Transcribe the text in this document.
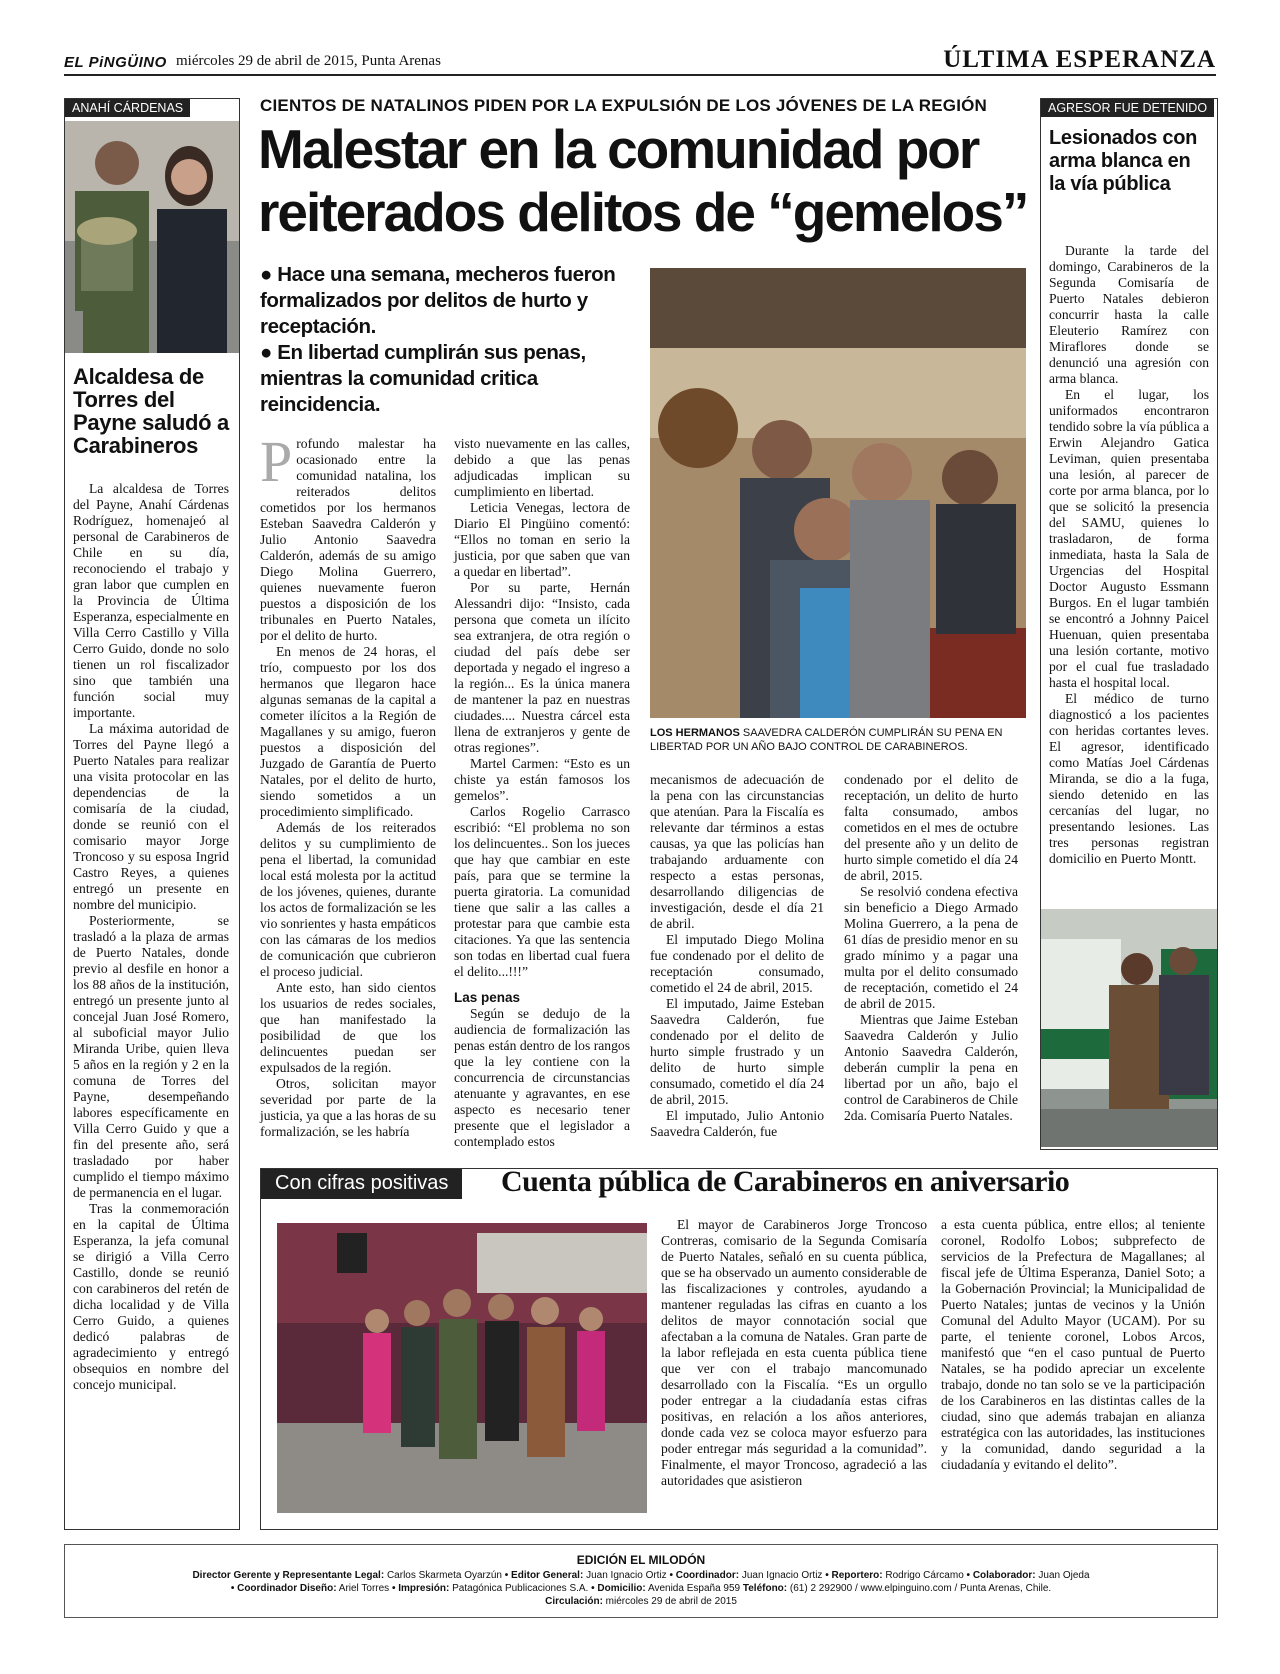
EL PiNGÜINO miércoles 29 de abril de 2015, Punta Arenas	ÚLTIMA ESPERANZA
ANAHÍ CÁRDENAS
Alcaldesa de Torres del Payne saludó a Carabineros

La alcaldesa de Torres del Payne, Anahí Cárdenas Rodríguez, homenajeó al personal de Carabineros de Chile en su día, reconociendo el trabajo y gran labor que cumplen en la Provincia de Última Esperanza, especialmente en Villa Cerro Castillo y Villa Cerro Guido, donde no solo tienen un rol fiscalizador sino que también una función social muy importante.

La máxima autoridad de Torres del Payne llegó a Puerto Natales para realizar una visita protocolar en las dependencias de la comisaría de la ciudad, donde se reunió con el comisario mayor Jorge Troncoso y su esposa Ingrid Castro Reyes, a quienes entregó un presente en nombre del municipio.

Posteriormente, se trasladó a la plaza de armas de Puerto Natales, donde previo al desfile en honor a los 88 años de la institución, entregó un presente junto al concejal Juan José Romero, al suboficial mayor Julio Miranda Uribe, quien lleva 5 años en la región y 2 en la comuna de Torres del Payne, desempeñando labores específicamente en Villa Cerro Guido y que a fin del presente año, será trasladado por haber cumplido el tiempo máximo de permanencia en el lugar.

Tras la conmemoración en la capital de Última Esperanza, la jefa comunal se dirigió a Villa Cerro Castillo, donde se reunió con carabineros del retén de dicha localidad y de Villa Cerro Guido, a quienes dedicó palabras de agradecimiento y entregó obsequios en nombre del concejo municipal.

CIENTOS DE NATALINOS PIDEN POR LA EXPULSIÓN DE LOS JÓVENES DE LA REGIÓN
Malestar en la comunidad por reiterados delitos de “gemelos”
● Hace una semana, mecheros fueron formalizados por delitos de hurto y receptación.
● En libertad cumplirán sus penas, mientras la comunidad critica reincidencia.
LOS HERMANOS SAAVEDRA CALDERÓN CUMPLIRÁN SU PENA EN LIBERTAD POR UN AÑO BAJO CONTROL DE CARABINEROS.
P rofundo malestar ha ocasionado entre la comunidad natalina, los reiterados delitos cometidos por los hermanos Esteban Saavedra Calderón y Julio Antonio Saavedra Calderón, además de su amigo Diego Molina Guerrero, quienes nuevamente fueron puestos a disposición de los tribunales en Puerto Natales, por el delito de hurto.

En menos de 24 horas, el trío, compuesto por los dos hermanos que llegaron hace algunas semanas de la capital a cometer ilícitos a la Región de Magallanes y su amigo, fueron puestos a disposición del Juzgado de Garantía de Puerto Natales, por el delito de hurto, siendo sometidos a un procedimiento simplificado.

Además de los reiterados delitos y su cumplimiento de pena el libertad, la comunidad local está molesta por la actitud de los jóvenes, quienes, durante los actos de formalización se les vio sonrientes y hasta empáticos con las cámaras de los medios de comunicación que cubrieron el proceso judicial.

Ante esto, han sido cientos los usuarios de redes sociales, que han manifestado la posibilidad de que los delincuentes puedan ser expulsados de la región.

Otros, solicitan mayor severidad por parte de la justicia, ya que a las horas de su formalización, se les habría

visto nuevamente en las calles, debido a que las penas adjudicadas implican su cumplimiento en libertad.

Leticia Venegas, lectora de Diario El Pingüino comentó: “Ellos no toman en serio la justicia, por que saben que van a quedar en libertad”.

Por su parte, Hernán Alessandri dijo: “Insisto, cada persona que cometa un ilícito sea extranjera, de otra región o ciudad del país debe ser deportada y negado el ingreso a la región... Es la única manera de mantener la paz en nuestras ciudades.... Nuestra cárcel esta llena de extranjeros y gente de otras regiones”.

Martel Carmen: “Esto es un chiste ya están famosos los gemelos”.

Carlos Rogelio Carrasco escribió: “El problema no son los delincuentes.. Son los jueces que hay que cambiar en este país, para que se termine la puerta giratoria. La comunidad tiene que salir a las calles a protestar para que cambie esta citaciones. Ya que las sentencia son todas en libertad cual fuera el delito...!!!”

Las penas

Según se dedujo de la audiencia de formalización las penas están dentro de los rangos que la ley contiene con la concurrencia de circunstancias atenuante y agravantes, en ese aspecto es necesario tener presente que el legislador a contemplado estos

mecanismos de adecuación de la pena con las circunstancias que atenúan. Para la Fiscalía es relevante dar términos a estas causas, ya que las policías han trabajando arduamente con respecto a estas personas, desarrollando diligencias de investigación, desde el día 21 de abril.

El imputado Diego Molina fue condenado por el delito de receptación consumado, cometido el 24 de abril, 2015.

El imputado, Jaime Esteban Saavedra Calderón, fue condenado por el delito de hurto simple frustrado y un delito de hurto simple consumado, cometido el día 24 de abril, 2015.

El imputado, Julio Antonio Saavedra Calderón, fue

condenado por el delito de receptación, un delito de hurto falta consumado, ambos cometidos en el mes de octubre del presente año y un delito de hurto simple cometido el día 24 de abril, 2015.

Se resolvió condena efectiva sin beneficio a Diego Armado Molina Guerrero, a la pena de 61 días de presidio menor en su grado mínimo y a pagar una multa por el delito consumado de receptación, cometido el 24 de abril de 2015.

Mientras que Jaime Esteban Saavedra Calderón y Julio Antonio Saavedra Calderón, deberán cumplir la pena en libertad por un año, bajo el control de Carabineros de Chile 2da. Comisaría Puerto Natales.

AGRESOR FUE DETENIDO
Lesionados con arma blanca en la vía pública

Durante la tarde del domingo, Carabineros de la Segunda Comisaría de Puerto Natales debieron concurrir hasta la calle Eleuterio Ramírez con Miraflores donde se denunció una agresión con arma blanca.

En el lugar, los uniformados encontraron tendido sobre la vía pública a Erwin Alejandro Gatica Leviman, quien presentaba una lesión, al parecer de corte por arma blanca, por lo que se solicitó la presencia del SAMU, quienes lo trasladaron, de forma inmediata, hasta la Sala de Urgencias del Hospital Doctor Augusto Essmann Burgos. En el lugar también se encontró a Johnny Paicel Huenuan, quien presentaba una lesión cortante, motivo por el cual fue trasladado hasta el hospital local.

El médico de turno diagnosticó a los pacientes con heridas cortantes leves. El agresor, identificado como Matías Joel Cárdenas Miranda, se dio a la fuga, siendo detenido en las cercanías del lugar, no presentando lesiones. Las tres personas registran domicilio en Puerto Montt.

Con cifras positivas	Cuenta pública de Carabineros en aniversario

El mayor de Carabineros Jorge Troncoso Contreras, comisario de la Segunda Comisaría de Puerto Natales, señaló en su cuenta pública, que se ha observado un aumento considerable de las fiscalizaciones y controles, ayudando a mantener reguladas las cifras en cuanto a los delitos de mayor connotación social que afectaban a la comuna de Natales. Gran parte de la labor reflejada en esta cuenta pública tiene que ver con el trabajo mancomunado desarrollado con la Fiscalía. “Es un orgullo poder entregar a la ciudadanía estas cifras positivas, en relación a los años anteriores, donde cada vez se coloca mayor esfuerzo para poder entregar más seguridad a la comunidad”. Finalmente, el mayor Troncoso, agradeció a las autoridades que asistieron

a esta cuenta pública, entre ellos; al teniente coronel, Rodolfo Lobos; subprefecto de servicios de la Prefectura de Magallanes; al fiscal jefe de Última Esperanza, Daniel Soto; a la Gobernación Provincial; la Municipalidad de Puerto Natales; juntas de vecinos y la Unión Comunal del Adulto Mayor (UCAM). Por su parte, el teniente coronel, Lobos Arcos, manifestó que “en el caso puntual de Puerto Natales, se ha podido apreciar un excelente trabajo, donde no tan solo se ve la participación de los Carabineros en las distintas calles de la ciudad, sino que además trabajan en alianza estratégica con las autoridades, las instituciones y la comunidad, dando seguridad a la ciudadanía y evitando el delito”.

EDICIÓN EL MILODÓN
Director Gerente y Representante Legal: Carlos Skarmeta Oyarzún • Editor General: Juan Ignacio Ortiz • Coordinador: Juan Ignacio Ortiz • Reportero: Rodrigo Cárcamo • Colaborador: Juan Ojeda
• Coordinador Diseño: Ariel Torres • Impresión: Patagónica Publicaciones S.A. • Domicilio: Avenida España 959 Teléfono: (61) 2 292900 / www.elpinguino.com / Punta Arenas, Chile.
Circulación: miércoles 29 de abril de 2015
